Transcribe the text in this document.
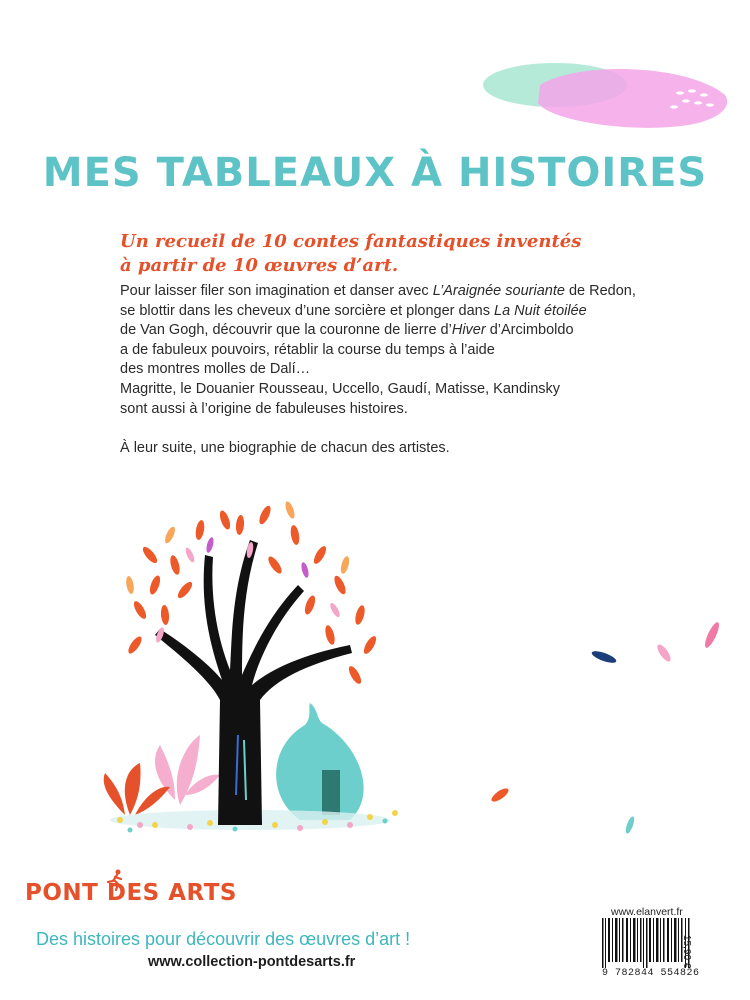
MES TABLEAUX À HISTOIRES
Un recueil de 10 contes fantastiques inventés
à partir de 10 œuvres d’art.
Pour laisser filer son imagination et danser avec L’Araignée souriante de Redon,
se blottir dans les cheveux d’une sorcière et plonger dans La Nuit étoilée
de Van Gogh, découvrir que la couronne de lierre d’Hiver d’Arcimboldo
a de fabuleux pouvoirs, rétablir la course du temps à l’aide
des montres molles de Dalí…
Magritte, le Douanier Rousseau, Uccello, Gaudí, Matisse, Kandinsky
sont aussi à l’origine de fabuleuses histoires.
À leur suite, une biographie de chacun des artistes.
PONT DES ARTS
Des histoires pour découvrir des œuvres d’art !
www.collection-pontdesarts.fr
www.elanvert.fr
9 782844 554826
15,90 €
